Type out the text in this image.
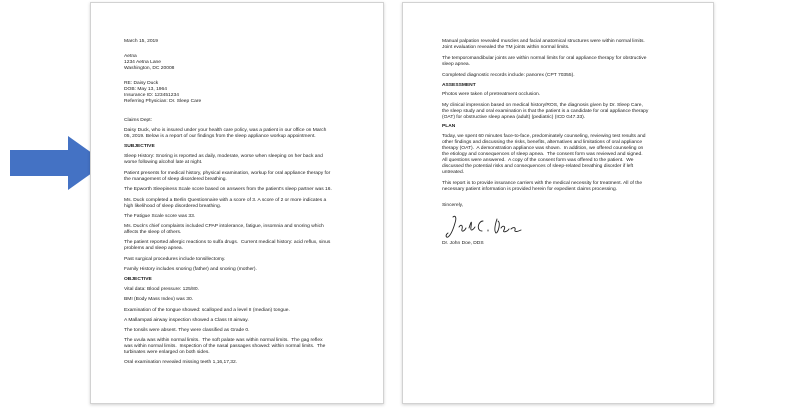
March 15, 2019
Aetna
1234 Aetna Lane
Washington, DC 20008
RE: Daisy Duck
DOB: May 13, 1964
Insurance ID: 123451234
Referring Physician: Dr. Sleep Care
Claims Dept:
Daisy Duck, who is insured under your health care policy, was a patient in our office on March
05, 2019. Below is a report of our findings from the sleep appliance workup appointment.
SUBJECTIVE
Sleep History: Snoring is reported as daily, moderate, worse when sleeping on her back and
worse following alcohol late at night.
Patient presents for medical history, physical examination, workup for oral appliance therapy for
the management of sleep disordered breathing.
The Epworth Sleepiness Scale score based on answers from the patient's sleep partner was 16.
Ms. Duck completed a Berlin Questionnaire with a score of 3. A score of 2 or more indicates a
high likelihood of sleep disordered breathing.
The Fatigue Scale score was 33.
Ms. Duck's chief complaints included CPAP intolerance, fatigue, insomnia and snoring which
affects the sleep of others.
The patient reported allergic reactions to sulfa drugs.  Current medical history: acid reflux, sinus
problems and sleep apnea.
Past surgical procedures include tonsillectomy.
Family History includes snoring (father) and snoring (mother).
OBJECTIVE
Vital data: Blood pressure: 125/80.
BMI (Body Mass Index) was 30.
Examination of the tongue showed: scalloped and a level II (median) tongue.
A Mallampati airway inspection showed a Class III airway.
The tonsils were absent. They were classified as Grade 0.
The uvula was within normal limits.  The soft palate was within normal limits.  The gag reflex
was within normal limits.  Inspection of the nasal passages showed: within normal limits.  The
turbinates were enlarged on both sides.
Oral examination revealed missing teeth 1,16,17,32.
Manual palpation revealed muscles and facial anatomical structures were within normal limits.
Joint evaluation revealed the TM joints within normal limits.
The temporomandibular joints are within normal limits for oral appliance therapy for obstructive
sleep apnea.
Completed diagnostic records include: panorex (CPT 70355).
ASSESSMENT
Photos were taken of pretreatment occlusion.
My clinical impression based on medical history/ROS, the diagnosis given by Dr. Sleep Care,
the sleep study and oral examination is that the patient is a candidate for oral appliance therapy
(OAT) for obstructive sleep apnea (adult) (pediatric) (ICD G47.33).
PLAN
Today, we spent 60 minutes face-to-face, predominately counseling, reviewing test results and
other findings and discussing the risks, benefits, alternatives and limitations of oral appliance
therapy (OAT).  A demonstration appliance was shown.  In addition, we offered counseling on
the etiology and consequences of sleep apnea.  The consent form was reviewed and signed.
All questions were answered.  A copy of the consent form was offered to the patient.  We
discussed the potential risks and consequences of sleep-related breathing disorder if left
untreated.
This report is to provide insurance carriers with the medical necessity for treatment. All of the
necessary patient information is provided herein for expedient claims processing.
Sincerely,
Dr. John Doe, DDS
